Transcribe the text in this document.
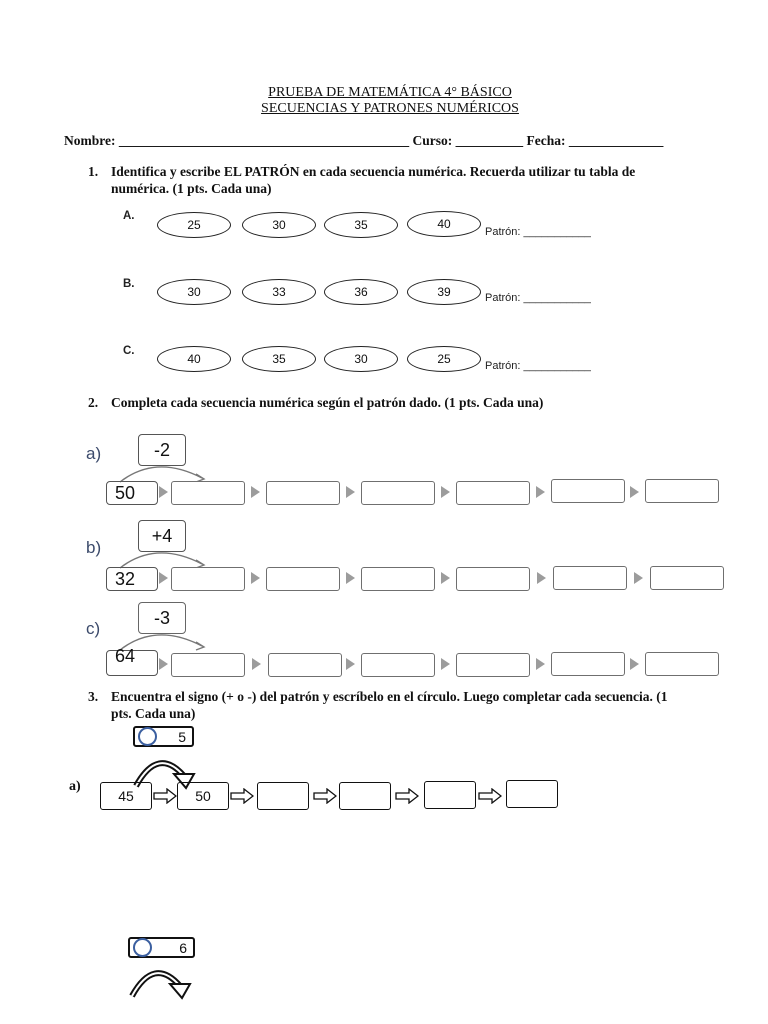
PRUEBA DE MATEMÁTICA 4° BÁSICO
SECUENCIAS Y PATRONES NUMÉRICOS
Nombre: ___________________________________________ Curso: __________ Fecha: ______________
1. Identifica y escribe EL PATRÓN en cada secuencia numérica. Recuerda utilizar tu tabla de
numérica. (1 pts. Cada una)
A.
25	30	35	40
Patrón: ___________
B.
30	33	36	39	Patrón: ___________
C.
40	35	30	25	Patrón: ___________
2. Completa cada secuencia numérica según el patrón dado. (1 pts. Cada una)
a)	-2
50
b)
+4
32
c)
-3
64
3. Encuentra el signo (+ o -) del patrón y escríbelo en el círculo. Luego completar cada secuencia. (1
pts. Cada una)
5
a)
45	50
6
